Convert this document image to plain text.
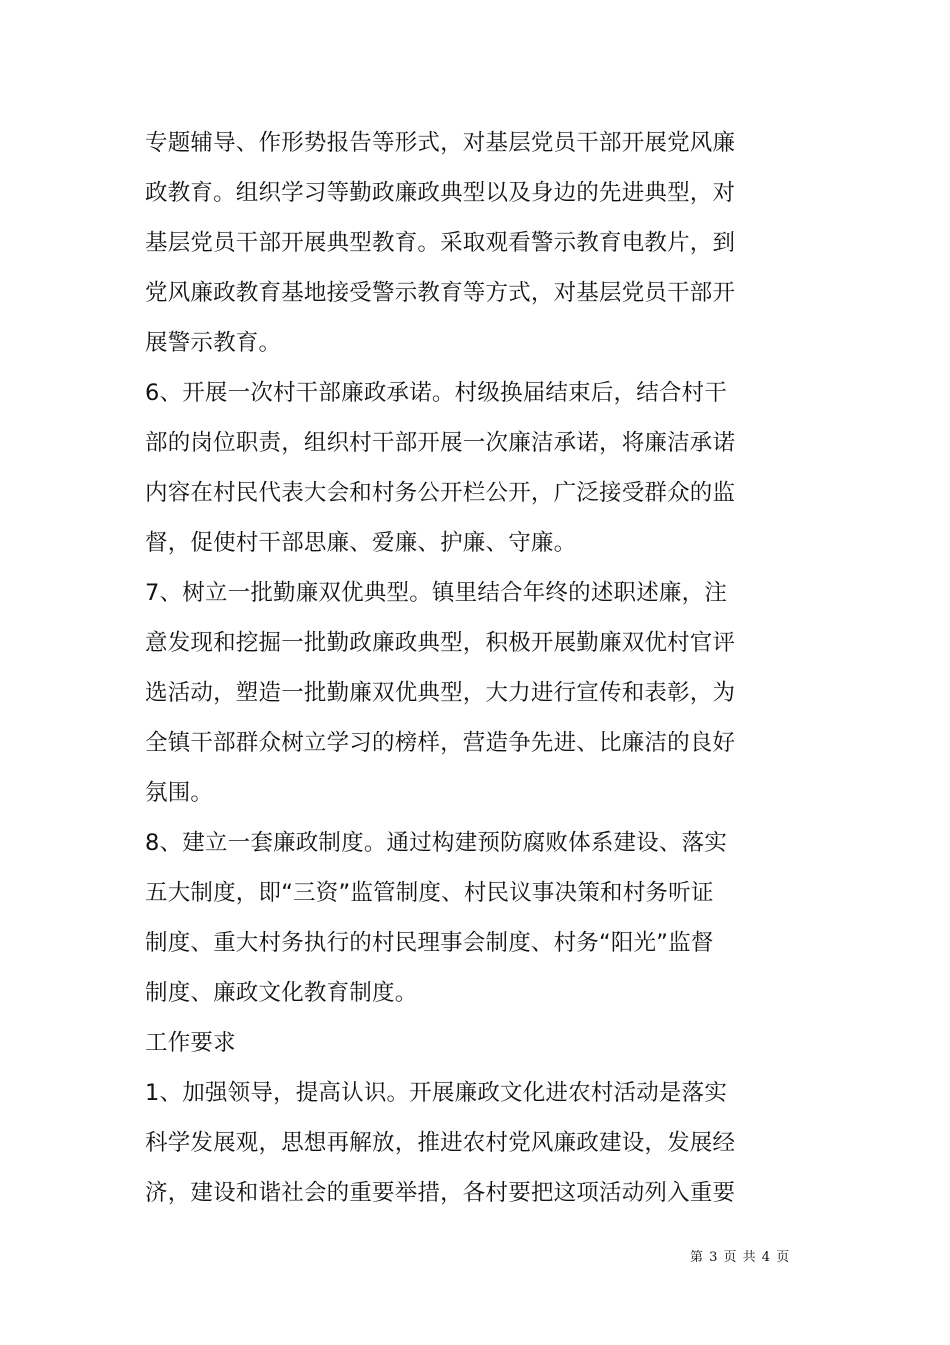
专题辅导、作形势报告等形式，对基层党员干部开展党风廉
政教育。组织学习等勤政廉政典型以及身边的先进典型，对
基层党员干部开展典型教育。采取观看警示教育电教片，到
党风廉政教育基地接受警示教育等方式，对基层党员干部开
展警示教育。
6、开展一次村干部廉政承诺。村级换届结束后，结合村干
部的岗位职责，组织村干部开展一次廉洁承诺，将廉洁承诺
内容在村民代表大会和村务公开栏公开，广泛接受群众的监
督，促使村干部思廉、爱廉、护廉、守廉。
7、树立一批勤廉双优典型。镇里结合年终的述职述廉，注
意发现和挖掘一批勤政廉政典型，积极开展勤廉双优村官评
选活动，塑造一批勤廉双优典型，大力进行宣传和表彰，为
全镇干部群众树立学习的榜样，营造争先进、比廉洁的良好
氛围。
8、建立一套廉政制度。通过构建预防腐败体系建设、落实
五大制度，即“三资”监管制度、村民议事决策和村务听证
制度、重大村务执行的村民理事会制度、村务“阳光”监督
制度、廉政文化教育制度。
工作要求
1、加强领导，提高认识。开展廉政文化进农村活动是落实
科学发展观，思想再解放，推进农村党风廉政建设，发展经
济，建设和谐社会的重要举措，各村要把这项活动列入重要
第 3 页 共 4 页
